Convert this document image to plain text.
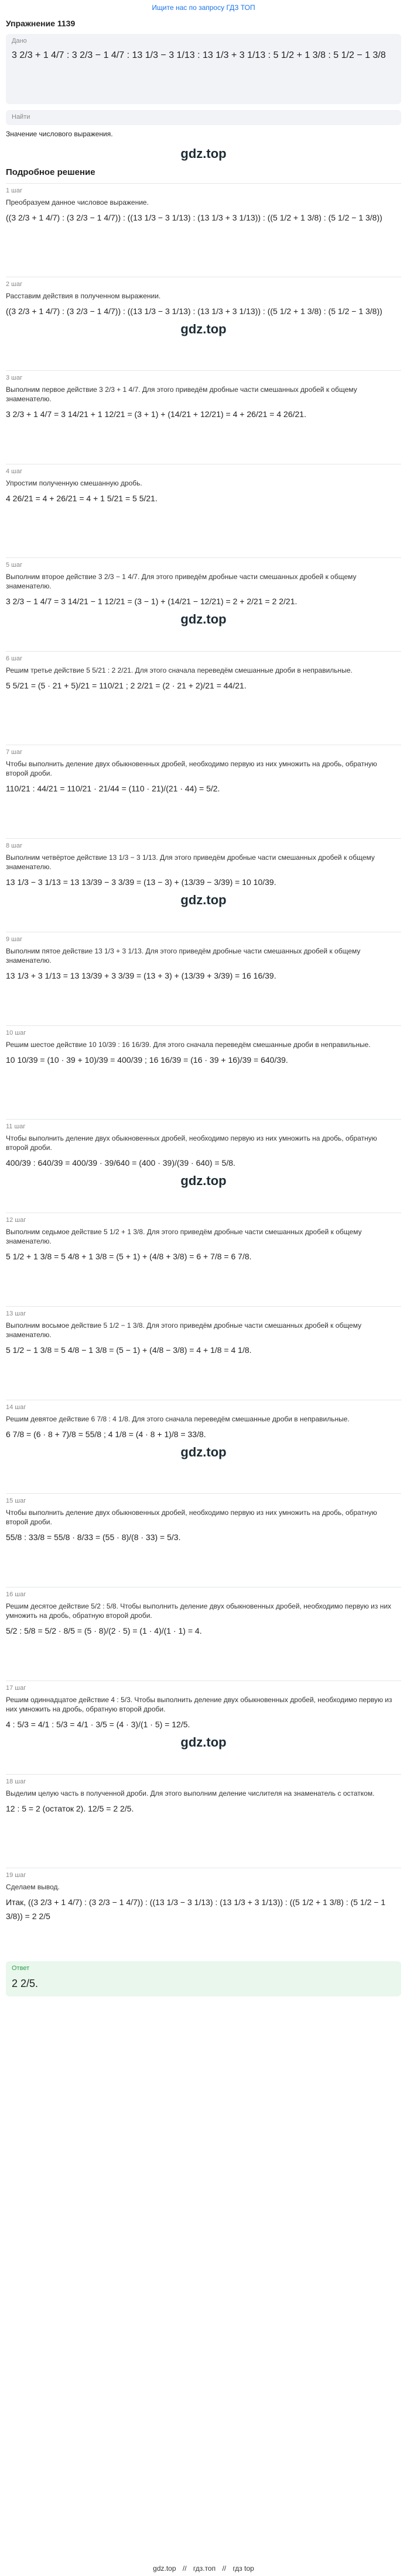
Ищите нас по запросу ГДЗ ТОП
Упражнение 1139
Дано
3 2/3 + 1 4/7 : 3 2/3 − 1 4/7 : 13 1/3 − 3 1/13 : 13 1/3 + 3 1/13 : 5 1/2 + 1 3/8 : 5 1/2 − 1 3/8
Найти
Значение числового выражения.
gdz.top
Подробное решение
1 шаг
Преобразуем данное числовое выражение.
((3 2/3 + 1 4/7) : (3 2/3 − 1 4/7)) : ((13 1/3 − 3 1/13) : (13 1/3 + 3 1/13)) : ((5 1/2 + 1 3/8) : (5 1/2 − 1 3/8))
2 шаг
Расставим действия в полученном выражении.
((3 2/3 + 1 4/7) : (3 2/3 − 1 4/7)) : ((13 1/3 − 3 1/13) : (13 1/3 + 3 1/13)) : ((5 1/2 + 1 3/8) : (5 1/2 − 1 3/8))
gdz.top
3 шаг
Выполним первое действие 3 2/3 + 1 4/7. Для этого приведём дробные части смешанных дробей к общему знаменателю.
3 2/3 + 1 4/7 = 3 14/21 + 1 12/21 = (3 + 1) + (14/21 + 12/21) = 4 + 26/21 = 4 26/21.
4 шаг
Упростим полученную смешанную дробь.
4 26/21 = 4 + 26/21 = 4 + 1 5/21 = 5 5/21.
5 шаг
Выполним второе действие 3 2/3 − 1 4/7. Для этого приведём дробные части смешанных дробей к общему знаменателю.
3 2/3 − 1 4/7 = 3 14/21 − 1 12/21 = (3 − 1) + (14/21 − 12/21) = 2 + 2/21 = 2 2/21.
gdz.top
6 шаг
Решим третье действие 5 5/21 : 2 2/21. Для этого сначала переведём смешанные дроби в неправильные.
5 5/21 = (5 · 21 + 5)/21 = 110/21 ; 2 2/21 = (2 · 21 + 2)/21 = 44/21.
7 шаг
Чтобы выполнить деление двух обыкновенных дробей, необходимо первую из них умножить на дробь, обратную второй дроби.
110/21 : 44/21 = 110/21 · 21/44 = (110 · 21)/(21 · 44) = 5/2.
8 шаг
Выполним четвёртое действие 13 1/3 − 3 1/13. Для этого приведём дробные части смешанных дробей к общему знаменателю.
13 1/3 − 3 1/13 = 13 13/39 − 3 3/39 = (13 − 3) + (13/39 − 3/39) = 10 10/39.
gdz.top
9 шаг
Выполним пятое действие 13 1/3 + 3 1/13. Для этого приведём дробные части смешанных дробей к общему знаменателю.
13 1/3 + 3 1/13 = 13 13/39 + 3 3/39 = (13 + 3) + (13/39 + 3/39) = 16 16/39.
10 шаг
Решим шестое действие 10 10/39 : 16 16/39. Для этого сначала переведём смешанные дроби в неправильные.
10 10/39 = (10 · 39 + 10)/39 = 400/39 ; 16 16/39 = (16 · 39 + 16)/39 = 640/39.
11 шаг
Чтобы выполнить деление двух обыкновенных дробей, необходимо первую из них умножить на дробь, обратную второй дроби.
400/39 : 640/39 = 400/39 · 39/640 = (400 · 39)/(39 · 640) = 5/8.
gdz.top
12 шаг
Выполним седьмое действие 5 1/2 + 1 3/8. Для этого приведём дробные части смешанных дробей к общему знаменателю.
5 1/2 + 1 3/8 = 5 4/8 + 1 3/8 = (5 + 1) + (4/8 + 3/8) = 6 + 7/8 = 6 7/8.
13 шаг
Выполним восьмое действие 5 1/2 − 1 3/8. Для этого приведём дробные части смешанных дробей к общему знаменателю.
5 1/2 − 1 3/8 = 5 4/8 − 1 3/8 = (5 − 1) + (4/8 − 3/8) = 4 + 1/8 = 4 1/8.
14 шаг
Решим девятое действие 6 7/8 : 4 1/8. Для этого сначала переведём смешанные дроби в неправильные.
6 7/8 = (6 · 8 + 7)/8 = 55/8 ; 4 1/8 = (4 · 8 + 1)/8 = 33/8.
gdz.top
15 шаг
Чтобы выполнить деление двух обыкновенных дробей, необходимо первую из них умножить на дробь, обратную второй дроби.
55/8 : 33/8 = 55/8 · 8/33 = (55 · 8)/(8 · 33) = 5/3.
16 шаг
Решим десятое действие 5/2 : 5/8. Чтобы выполнить деление двух обыкновенных дробей, необходимо первую из них умножить на дробь, обратную второй дроби.
5/2 : 5/8 = 5/2 · 8/5 = (5 · 8)/(2 · 5) = (1 · 4)/(1 · 1) = 4.
17 шаг
Решим одиннадцатое действие 4 : 5/3. Чтобы выполнить деление двух обыкновенных дробей, необходимо первую из них умножить на дробь, обратную второй дроби.
4 : 5/3 = 4/1 : 5/3 = 4/1 · 3/5 = (4 · 3)/(1 · 5) = 12/5.
gdz.top
18 шаг
Выделим целую часть в полученной дроби. Для этого выполним деление числителя на знаменатель с остатком.
12 : 5 = 2 (остаток 2). 12/5 = 2 2/5.
19 шаг
Сделаем вывод.
Итак, ((3 2/3 + 1 4/7) : (3 2/3 − 1 4/7)) : ((13 1/3 − 3 1/13) : (13 1/3 + 3 1/13)) : ((5 1/2 + 1 3/8) : (5 1/2 − 1 3/8)) = 2 2/5
Ответ
2 2/5.
gdz.top // гдз.топ // гдз top
